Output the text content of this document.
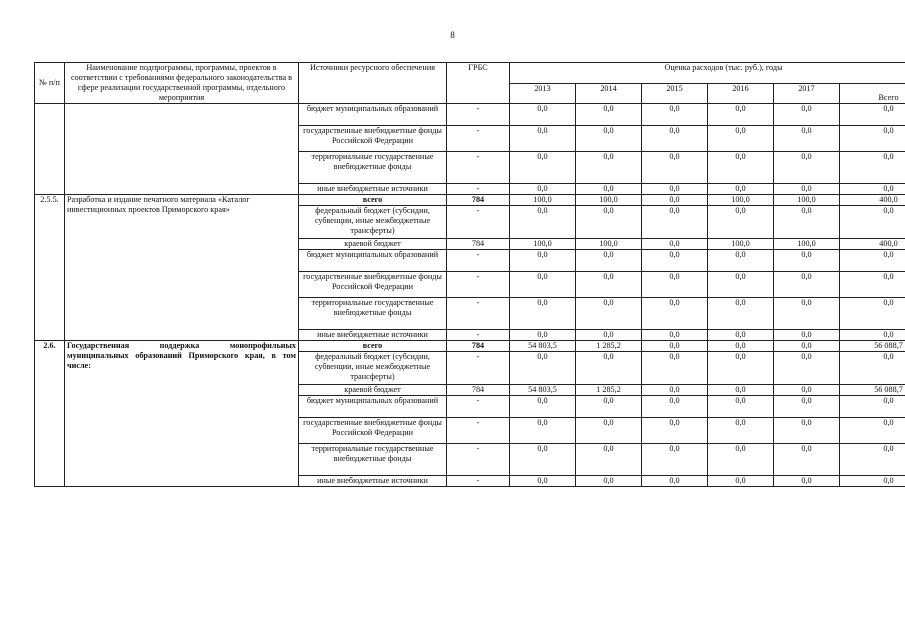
8
№ п/п	Наименование подпрограммы, программы, проектов в соответствии с требованиями федерального законодательства в сфере реализации государственной программы, отдельного мероприятия	Источники ресурсного обеспечения	ГРБС	Оценка расходов (тыс. руб.), годы					
				2013	2014	2015	2016	2017	Всего
		бюджет муниципальных образований	-	0,0	0,0	0,0	0,0	0,0	0,0
		государственные внебюджетные фонды Российской Федерации	-	0,0	0,0	0,0	0,0	0,0	0,0
		территориальные государственные внебюджетные фонды	-	0,0	0,0	0,0	0,0	0,0	0,0
		иные внебюджетные источники	-	0,0	0,0	0,0	0,0	0,0	0,0
2.5.5.	Разработка и издание печатного материала «Каталог инвестиционных проектов Приморского края»	всего	784	100,0	100,0	0,0	100,0	100,0	400,0
		федеральный бюджет (субсидии, субвенции, иные межбюджетные трансферты)	-	0,0	0,0	0,0	0,0	0,0	0,0
		краевой бюджет	784	100,0	100,0	0,0	100,0	100,0	400,0
		бюджет муниципальных образований	-	0,0	0,0	0,0	0,0	0,0	0,0
		государственные внебюджетные фонды Российской Федерации	-	0,0	0,0	0,0	0,0	0,0	0,0
		территориальные государственные внебюджетные фонды	-	0,0	0,0	0,0	0,0	0,0	0,0
		иные внебюджетные источники	-	0,0	0,0	0,0	0,0	0,0	0,0
2.6.	Государственная поддержка монопрофильных муниципальных образований Приморского края, в том числе:	всего	784	54 803,5	1 285,2	0,0	0,0	0,0	56 088,7
		федеральный бюджет (субсидии, субвенции, иные межбюджетные трансферты)	-	0,0	0,0	0,0	0,0	0,0	0,0
		краевой бюджет	784	54 803,5	1 285,2	0,0	0,0	0,0	56 088,7
		бюджет муниципальных образований	-	0,0	0,0	0,0	0,0	0,0	0,0
		государственные внебюджетные фонды Российской Федерации	-	0,0	0,0	0,0	0,0	0,0	0,0
		территориальные государственные внебюджетные фонды	-	0,0	0,0	0,0	0,0	0,0	0,0
		иные внебюджетные источники	-	0,0	0,0	0,0	0,0	0,0	0,0
